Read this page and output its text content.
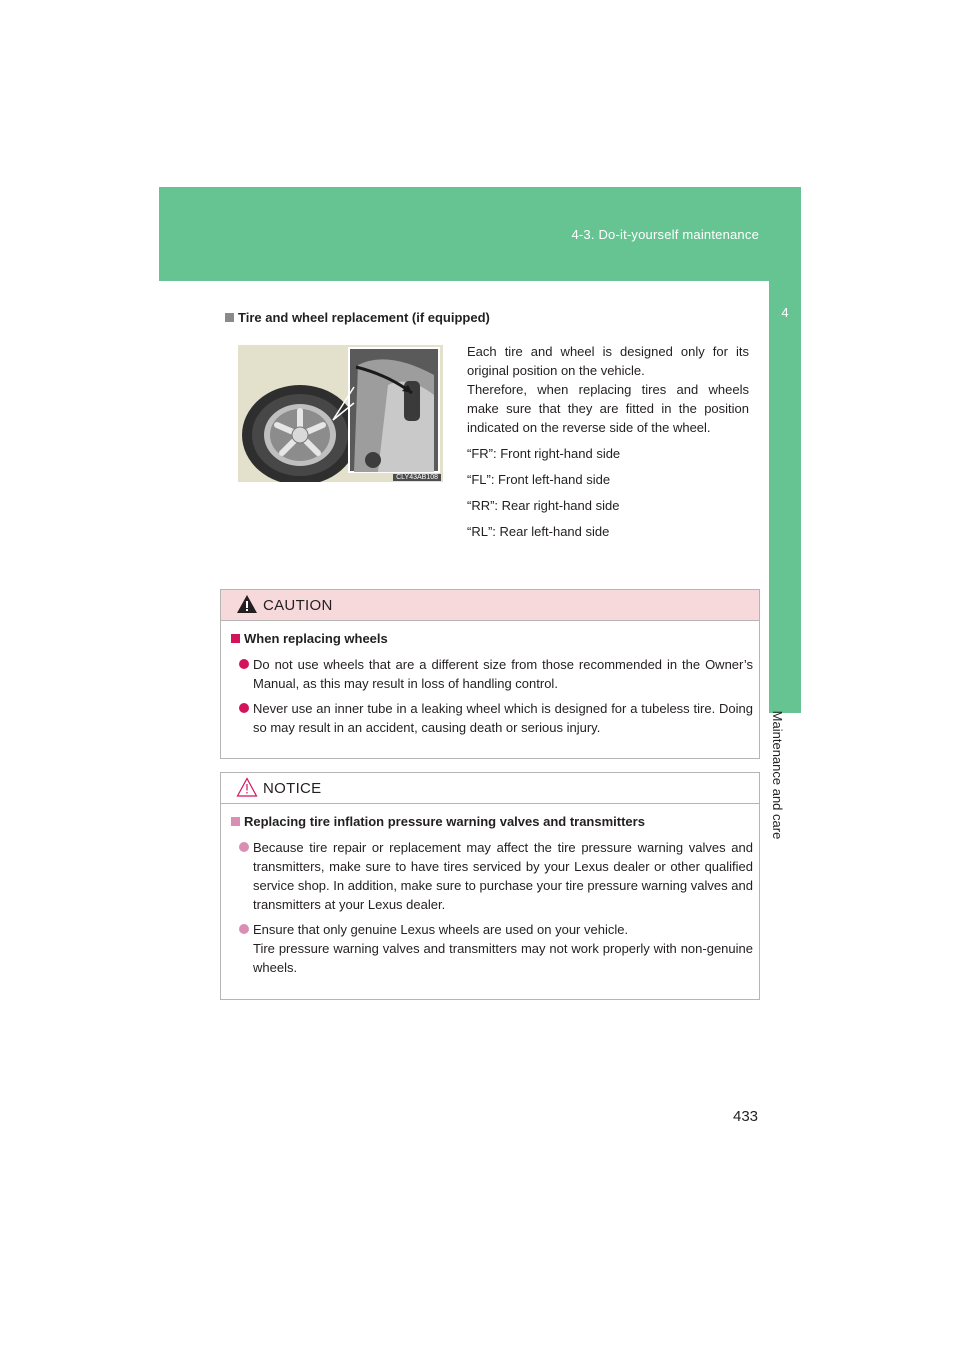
4-3. Do-it-yourself maintenance
4
Maintenance and care
Tire and wheel replacement (if equipped)
CLY43AB108

Each tire and wheel is designed only for its original position on the vehicle.

Therefore, when replacing tires and wheels make sure that they are fitted in the position indicated on the reverse side of the wheel.

“FR”: Front right-hand side

“FL”: Front left-hand side

“RR”: Rear right-hand side

“RL”: Rear left-hand side

CAUTION
When replacing wheels
Do not use wheels that are a different size from those recommended in the Owner’s Manual, as this may result in loss of handling control.
Never use an inner tube in a leaking wheel which is designed for a tubeless tire. Doing so may result in an accident, causing death or serious injury.
NOTICE
Replacing tire inflation pressure warning valves and transmitters
Because tire repair or replacement may affect the tire pressure warning valves and transmitters, make sure to have tires serviced by your Lexus dealer or other qualified service shop. In addition, make sure to purchase your tire pressure warning valves and transmitters at your Lexus dealer.
Ensure that only genuine Lexus wheels are used on your vehicle.
Tire pressure warning valves and transmitters may not work properly with non-genuine wheels.
433
